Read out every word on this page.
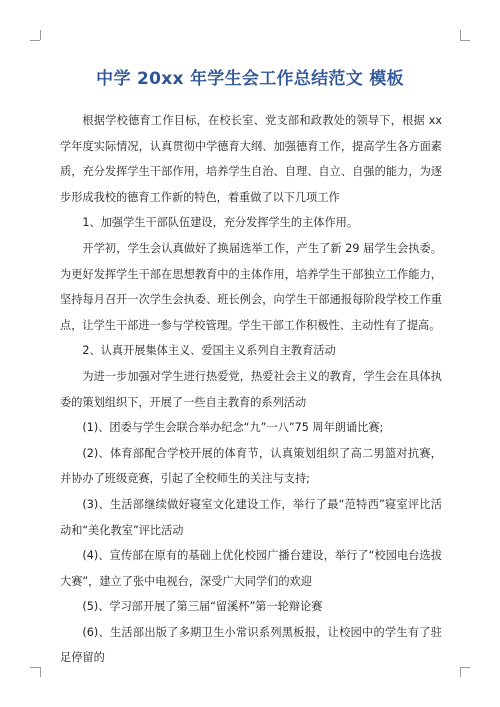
中学 20xx 年学生会工作总结范文 模板

根据学校德育工作目标，在校长室、党支部和政教处的领导下，根据 xx 学年度实际情况，认真贯彻中学德育大纲、加强德育工作，提高学生各方面素质，充分发挥学生干部作用，培养学生自治、自理、自立、自强的能力，为逐步形成我校的德育工作新的特色，着重做了以下几项工作

1、加强学生干部队伍建设，充分发挥学生的主体作用。

开学初，学生会认真做好了换届选举工作，产生了新 29 届学生会执委。为更好发挥学生干部在思想教育中的主体作用，培养学生干部独立工作能力，坚持每月召开一次学生会执委、班长例会，向学生干部通报每阶段学校工作重点，让学生干部进一参与学校管理。学生干部工作积极性、主动性有了提高。

2、认真开展集体主义、爱国主义系列自主教育活动

为进一步加强对学生进行热爱党，热爱社会主义的教育，学生会在具体执委的策划组织下，开展了一些自主教育的系列活动

(1)、团委与学生会联合举办纪念“九”一八”75 周年朗诵比赛;

(2)、体育部配合学校开展的体育节，认真策划组织了高二男篮对抗赛，并协办了班级竞赛，引起了全校师生的关注与支持;

(3)、生活部继续做好寝室文化建设工作，举行了最“范特西”寝室评比活动和“美化教室”评比活动

(4)、宣传部在原有的基础上优化校园广播台建设，举行了“校园电台选拔大赛”，建立了张中电视台，深受广大同学们的欢迎

(5)、学习部开展了第三届“留溪杯”第一轮辩论赛

(6)、生活部出版了多期卫生小常识系列黑板报，让校园中的学生有了驻足停留的
